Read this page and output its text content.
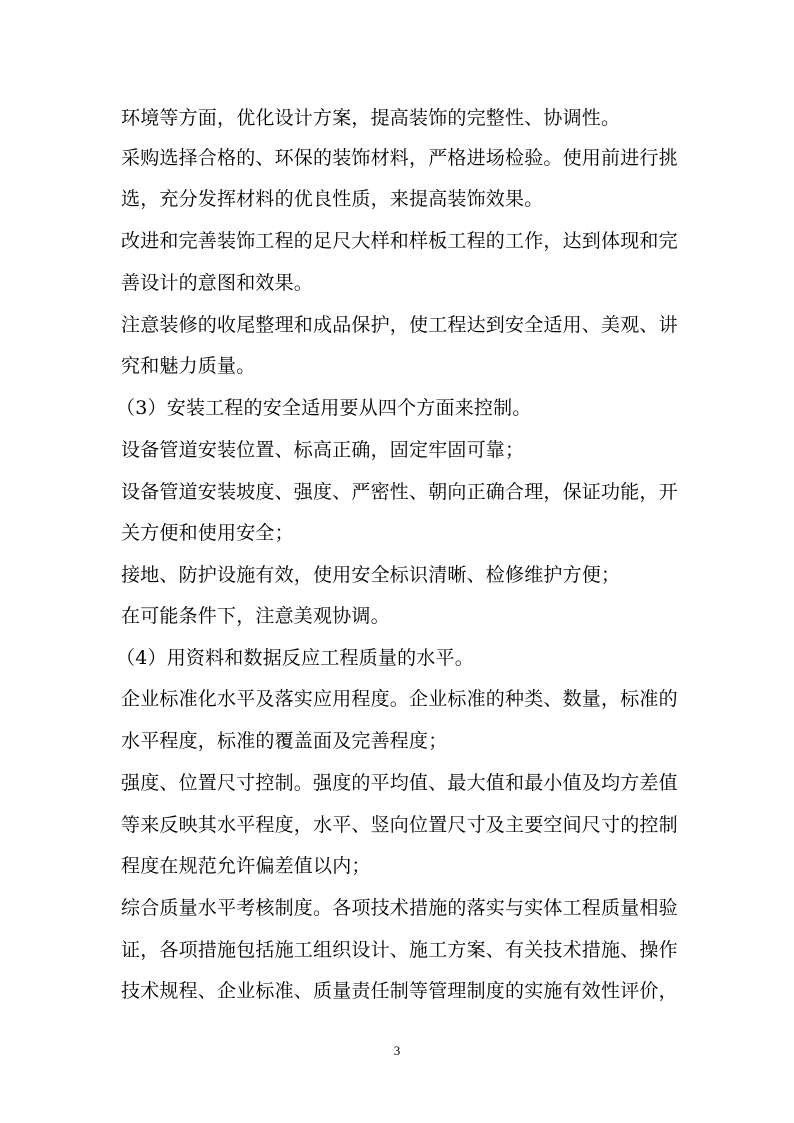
环境等方面，优化设计方案，提高装饰的完整性、协调性。
采购选择合格的、环保的装饰材料，严格进场检验。使用前进行挑
选，充分发挥材料的优良性质，来提高装饰效果。
改进和完善装饰工程的足尺大样和样板工程的工作，达到体现和完
善设计的意图和效果。
注意装修的收尾整理和成品保护，使工程达到安全适用、美观、讲
究和魅力质量。
（3）安装工程的安全适用要从四个方面来控制。
设备管道安装位置、标高正确，固定牢固可靠；
设备管道安装坡度、强度、严密性、朝向正确合理，保证功能，开
关方便和使用安全；
接地、防护设施有效，使用安全标识清晰、检修维护方便；
在可能条件下，注意美观协调。
（4）用资料和数据反应工程质量的水平。
企业标准化水平及落实应用程度。企业标准的种类、数量，标准的
水平程度，标准的覆盖面及完善程度；
强度、位置尺寸控制。强度的平均值、最大值和最小值及均方差值
等来反映其水平程度，水平、竖向位置尺寸及主要空间尺寸的控制
程度在规范允许偏差值以内；
综合质量水平考核制度。各项技术措施的落实与实体工程质量相验
证，各项措施包括施工组织设计、施工方案、有关技术措施、操作
技术规程、企业标准、质量责任制等管理制度的实施有效性评价，
3
